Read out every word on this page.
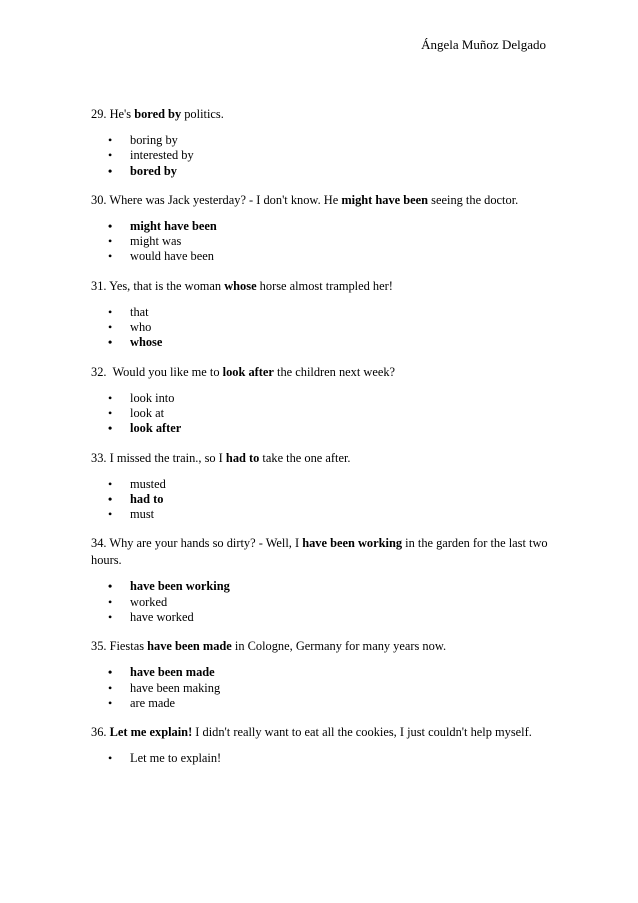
Ángela Muñoz Delgado

29. He's bored by politics.

• boring by
• interested by
• bored by

30. Where was Jack yesterday? - I don't know. He might have been seeing the doctor.

• might have been
• might was
• would have been

31. Yes, that is the woman whose horse almost trampled her!

• that
• who
• whose

32.  Would you like me to look after the children next week?

• look into
• look at
• look after

33. I missed the train., so I had to take the one after.

• musted
• had to
• must

34. Why are your hands so dirty? - Well, I have been working in the garden for the last two hours.

• have been working
• worked
• have worked

35. Fiestas have been made in Cologne, Germany for many years now.

• have been made
• have been making
• are made

36. Let me explain! I didn't really want to eat all the cookies, I just couldn't help myself.

• Let me to explain!
